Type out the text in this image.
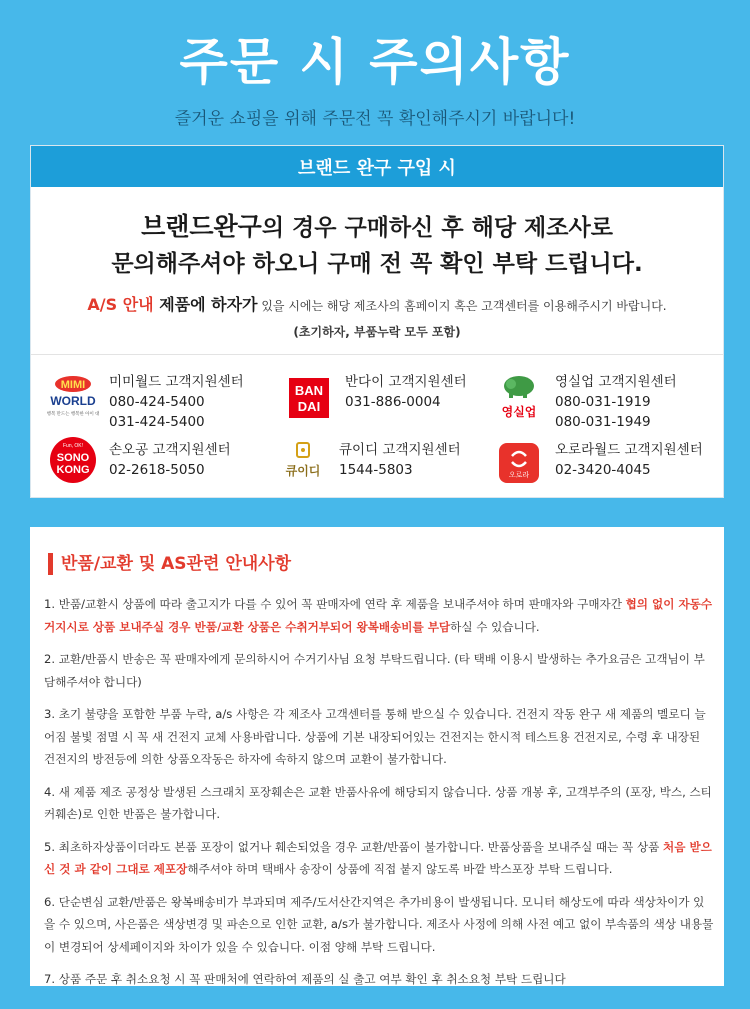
주문 시 주의사항
즐거운 쇼핑을 위해 주문전 꼭 확인해주시기 바랍니다!
브랜드 완구 구입 시
브랜드완구의 경우 구매하신 후 해당 제조사로
문의해주셔야 하오니 구매 전 꼭 확인 부탁 드립니다.
A/S 안내 제품에 하자가 있을 시에는 해당 제조사의 홈페이지 혹은 고객센터를 이용해주시기 바랍니다.
(초기하자, 부품누락 모두 포함)
MIMI
WORLD
행복 만드는 행복한 아이 대
미미월드 고객지원센터
080-424-5400
031-424-5400
BAN
DAI
반다이 고객지원센터
031-886-0004
영실업
영실업 고객지원센터
080-031-1919
080-031-1949
Fun, OK!
SONO
KONG
손오공 고객지원센터
02-2618-5050	큐이디
큐이디 고객지원센터
1544-5803	오로라
오로라월드 고객지원센터
02-3420-4045
반품/교환 및 AS관련 안내사항
1. 반품/교환시 상품에 따라 출고지가 다를 수 있어 꼭 판매자에 연락 후 제품을 보내주셔야 하며 판매자와 구매자간 협의 없이 자동수거지시로 상품 보내주실 경우 반품/교환 상품은 수취거부되어 왕복배송비를 부담하실 수 있습니다.
2. 교환/반품시 반송은 꼭 판매자에게 문의하시어 수거기사님 요청 부탁드립니다. (타 택배 이용시 발생하는 추가요금은 고객님이 부담해주셔야 합니다)
3. 초기 불량을 포함한 부품 누락, a/s 사항은 각 제조사 고객센터를 통해 받으실 수 있습니다. 건전지 작동 완구 새 제품의 멜로디 늘어짐 불빛 점멸 시 꼭 새 건전지 교체 사용바랍니다. 상품에 기본 내장되어있는 건전지는 한시적 테스트용 건전지로, 수령 후 내장된 건전지의 방전등에 의한 상품오작동은 하자에 속하지 않으며 교환이 불가합니다.
4. 새 제품 제조 공정상 발생된 스크래치 포장훼손은 교환 반품사유에 해당되지 않습니다. 상품 개봉 후, 고객부주의 (포장, 박스, 스티커훼손)로 인한 반품은 불가합니다.
5. 최초하자상품이더라도 본품 포장이 없거나 훼손되었을 경우 교환/반품이 불가합니다. 반품상품을 보내주실 때는 꼭 상품 처음 받으신 것 과 같이 그대로 제포장해주셔야 하며 택배사 송장이 상품에 직접 붙지 않도록 바깥 박스포장 부탁 드립니다.
6. 단순변심 교환/반품은 왕복배송비가 부과되며 제주/도서산간지역은 추가비용이 발생됩니다. 모니터 해상도에 따라 색상차이가 있을 수 있으며, 사은품은 색상변경 및 파손으로 인한 교환, a/s가 불가합니다. 제조사 사정에 의해 사전 예고 없이 부속품의 색상 내용물이 변경되어 상세페이지와 차이가 있을 수 있습니다. 이점 양해 부탁 드립니다.
7. 상품 주문 후 취소요청 시 꼭 판매처에 연락하여 제품의 실 출고 여부 확인 후 취소요청 부탁 드립니다
